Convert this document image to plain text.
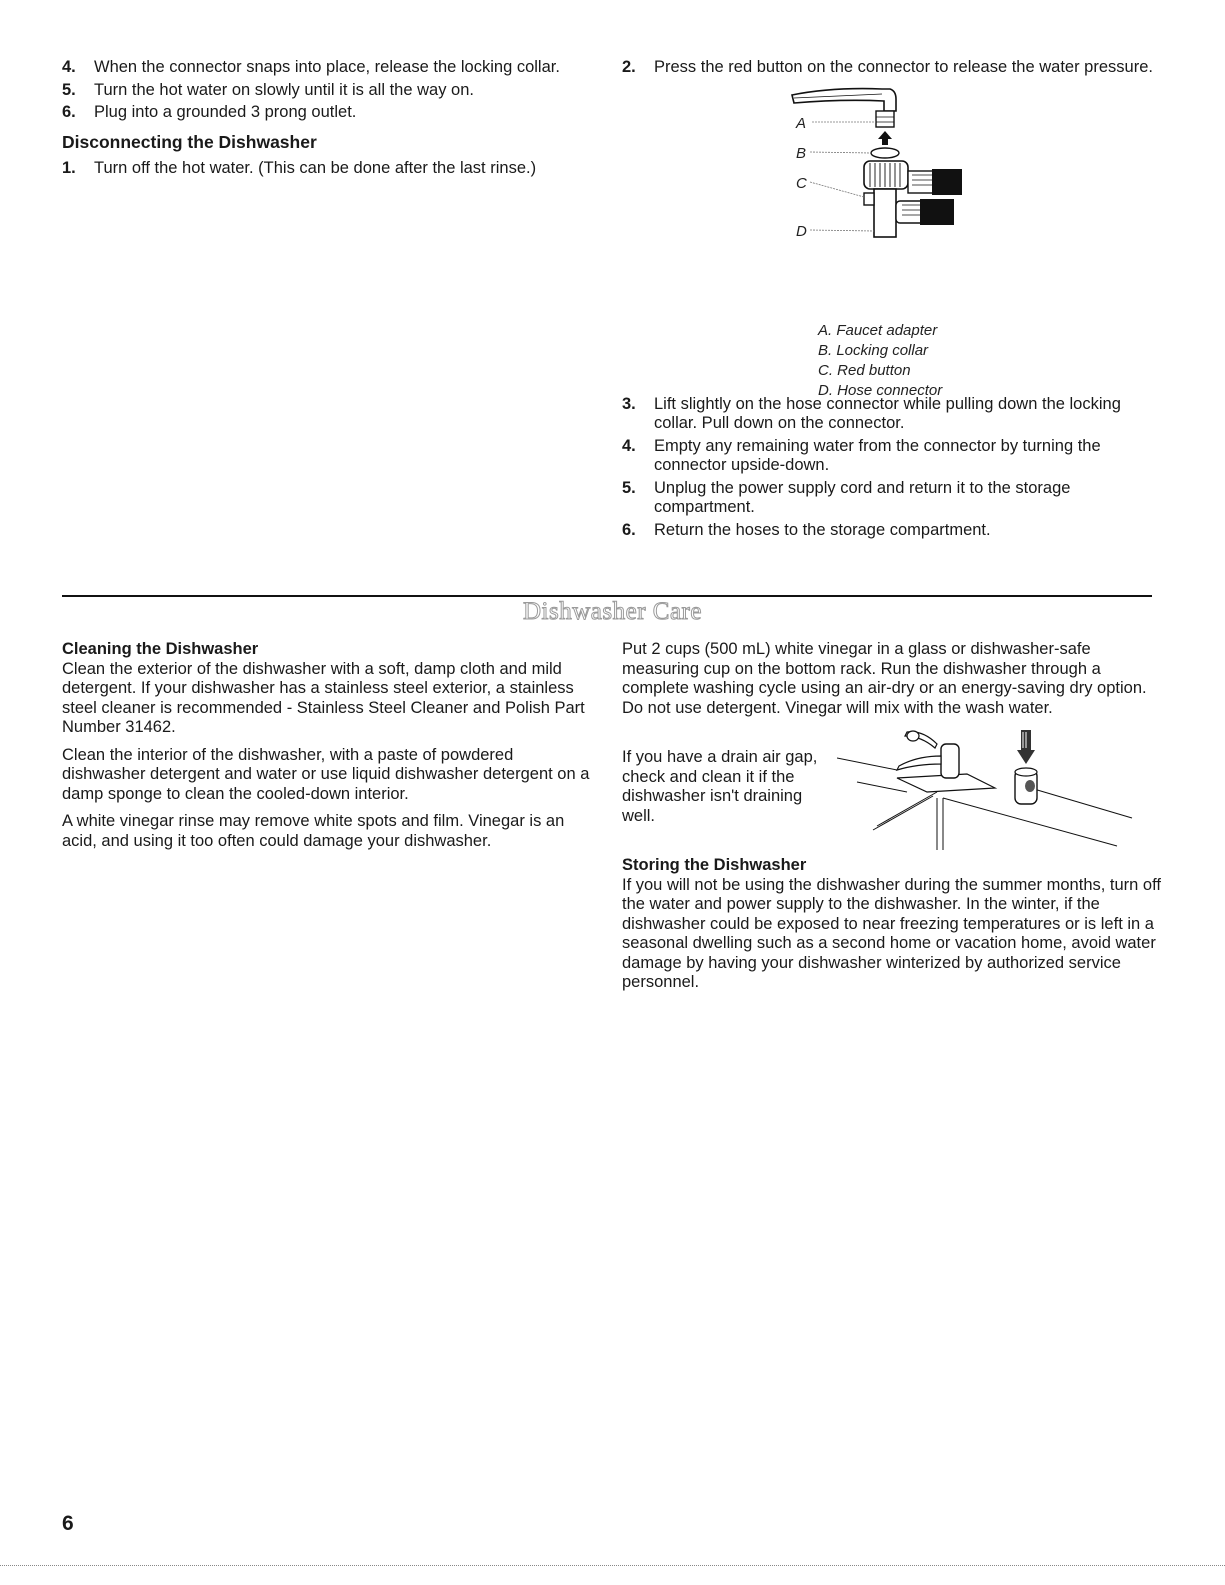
4. When the connector snaps into place, release the locking collar.
5. Turn the hot water on slowly until it is all the way on.
6. Plug into a grounded 3 prong outlet.
Disconnecting the Dishwasher
1. Turn off the hot water. (This can be done after the last rinse.)
2. Press the red button on the connector to release the water pressure.
A
B
C
D
A. Faucet adapter
B. Locking collar
C. Red button
D. Hose connector
3. Lift slightly on the hose connector while pulling down the locking collar. Pull down on the connector.
4. Empty any remaining water from the connector by turning the connector upside-down.
5. Unplug the power supply cord and return it to the storage compartment.
6. Return the hoses to the storage compartment.
Dishwasher Care
Cleaning the Dishwasher

Clean the exterior of the dishwasher with a soft, damp cloth and mild detergent. If your dishwasher has a stainless steel exterior, a stainless steel cleaner is recommended - Stainless Steel Cleaner and Polish Part Number 31462.

Clean the interior of the dishwasher, with a paste of powdered dishwasher detergent and water or use liquid dishwasher detergent on a damp sponge to clean the cooled-down interior.

A white vinegar rinse may remove white spots and film. Vinegar is an acid, and using it too often could damage your dishwasher.

Put 2 cups (500 mL) white vinegar in a glass or dishwasher-safe measuring cup on the bottom rack. Run the dishwasher through a complete washing cycle using an air-dry or an energy-saving dry option. Do not use detergent. Vinegar will mix with the wash water.

If you have a drain air gap, check and clean it if the dishwasher isn't draining well.
Storing the Dishwasher

If you will not be using the dishwasher during the summer months, turn off the water and power supply to the dishwasher. In the winter, if the dishwasher could be exposed to near freezing temperatures or is left in a seasonal dwelling such as a second home or vacation home, avoid water damage by having your dishwasher winterized by authorized service personnel.

6
